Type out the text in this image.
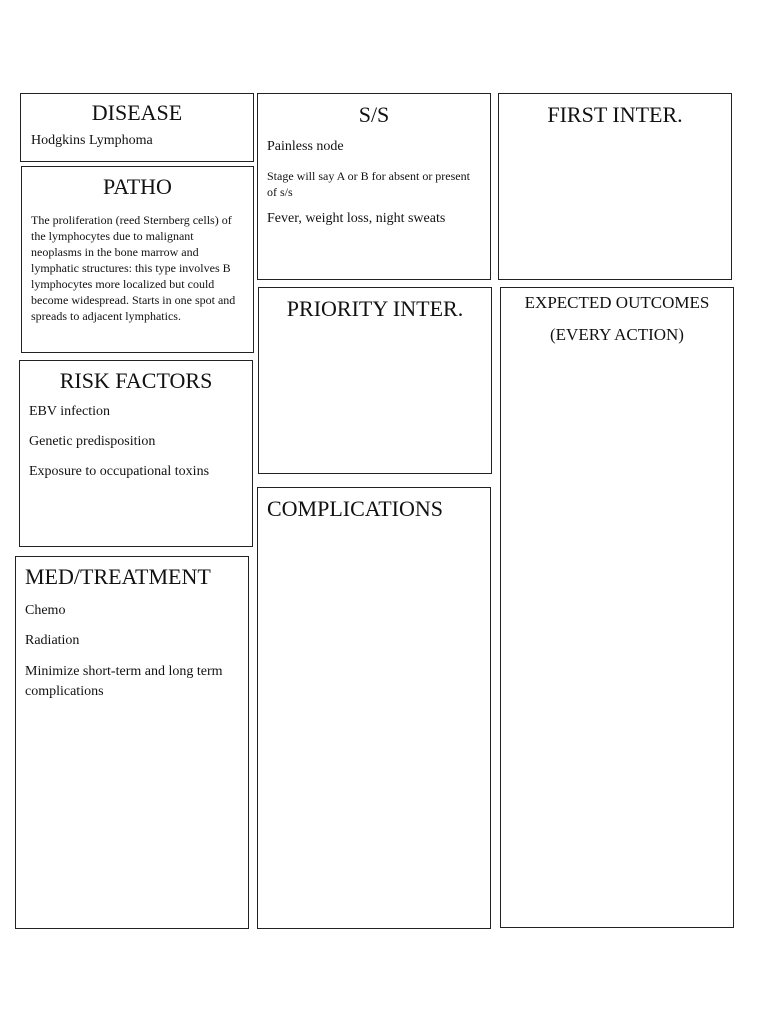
DISEASE
Hodgkins Lymphoma
PATHO
The proliferation (reed Sternberg cells) of the lymphocytes due to malignant neoplasms in the bone marrow and lymphatic structures: this type involves B lymphocytes more localized but could become widespread. Starts in one spot and spreads to adjacent lymphatics.
RISK FACTORS
EBV infection
Genetic predisposition
Exposure to occupational toxins
MED/TREATMENT
Chemo
Radiation
Minimize short-term and long term complications
S/S
Painless node
Stage will say A or B for absent or present of s/s
Fever, weight loss, night sweats
PRIORITY INTER.
COMPLICATIONS
FIRST INTER.
EXPECTED OUTCOMES
(EVERY ACTION)
